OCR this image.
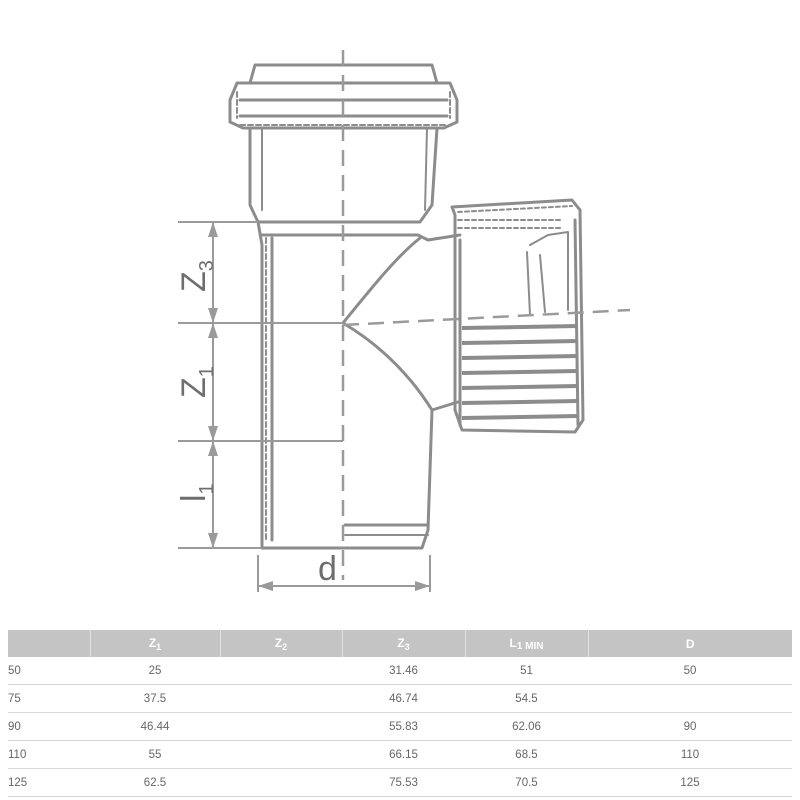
$Z_3$
$Z_1$
$l_1$
d
	$Z_1$	$Z_2$	$Z_3$	L1 MIN	D
50	25		31.46	51	50
75	37.5		46.74	54.5	
90	46.44		55.83	62.06	90
110	55		66.15	68.5	110
125	62.5		75.53	70.5	125
